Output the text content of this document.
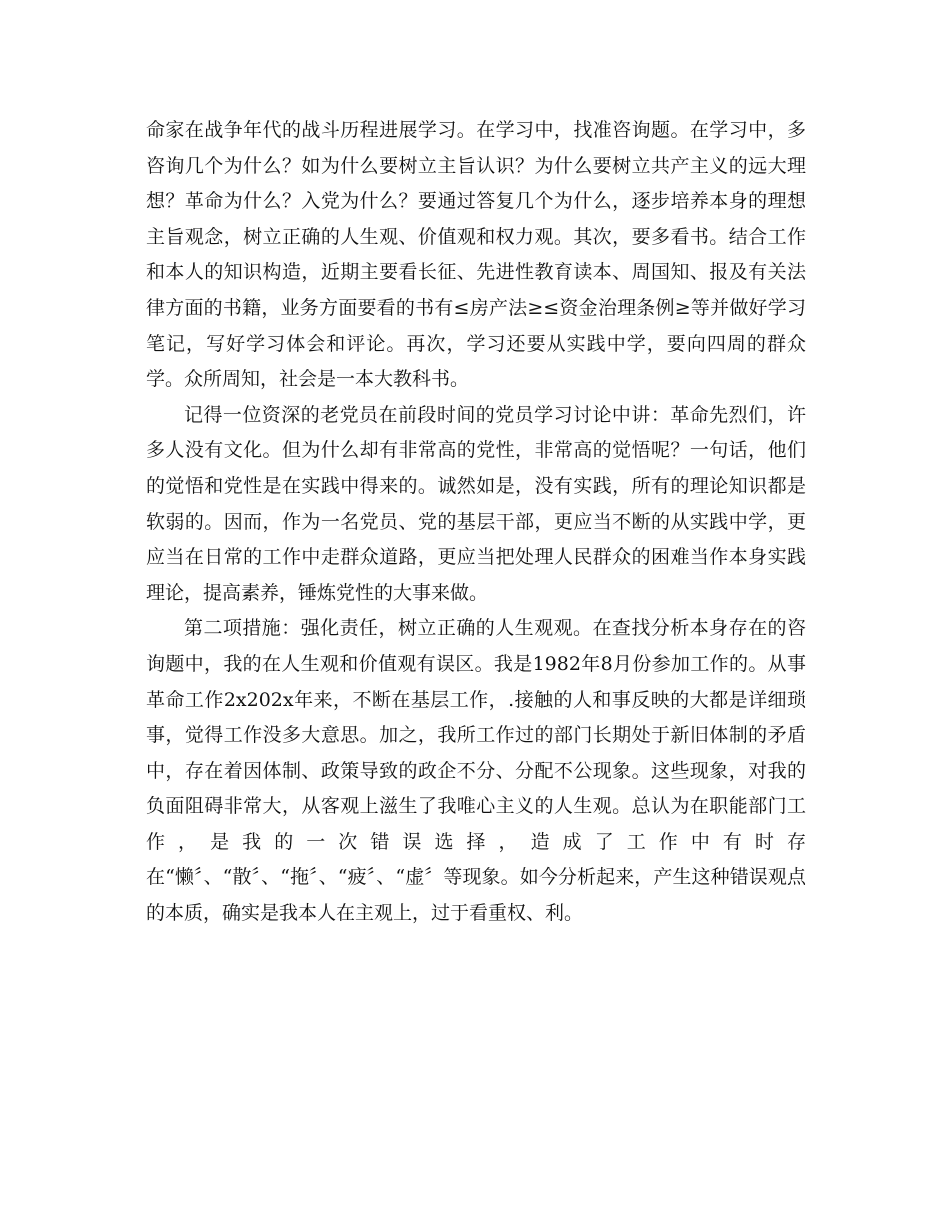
命家在战争年代的战斗历程进展学习。在学习中，找准咨询题。在学习中，多咨询几个为什么？如为什么要树立主旨认识？为什么要树立共产主义的远大理想？革命为什么？入党为什么？要通过答复几个为什么，逐步培养本身的理想主旨观念，树立正确的人生观、价值观和权力观。其次，要多看书。结合工作和本人的知识构造，近期主要看长征、先进性教育读本、周国知、报及有关法律方面的书籍，业务方面要看的书有≤房产法≥≤资金治理条例≥等并做好学习笔记，写好学习体会和评论。再次，学习还要从实践中学，要向四周的群众学。众所周知，社会是一本大教科书。

记得一位资深的老党员在前段时间的党员学习讨论中讲：革命先烈们，许多人没有文化。但为什么却有非常高的党性，非常高的觉悟呢？一句话，他们的觉悟和党性是在实践中得来的。诚然如是，没有实践，所有的理论知识都是软弱的。因而，作为一名党员、党的基层干部，更应当不断的从实践中学，更应当在日常的工作中走群众道路，更应当把处理人民群众的困难当作本身实践理论，提高素养，锤炼党性的大事来做。

第二项措施：强化责任，树立正确的人生观观。在查找分析本身存在的咨询题中，我的在人生观和价值观有误区。我是1982年8月份参加工作的。从事革命工作2x202x年来，不断在基层工作，.接触的人和事反映的大都是详细琐事，觉得工作没多大意思。加之，我所工作过的部门长期处于新旧体制的矛盾中，存在着因体制、政策导致的政企不分、分配不公现象。这些现象，对我的负面阻碍非常大，从客观上滋生了我唯心主义的人生观。总认为在职能部门工作，是我的一次错误选择，造成了工作中有时存在“懒〞、“散〞、“拖〞、“疲〞、“虚〞等现象。如今分析起来，产生这种错误观点的本质，确实是我本人在主观上，过于看重权、利。
